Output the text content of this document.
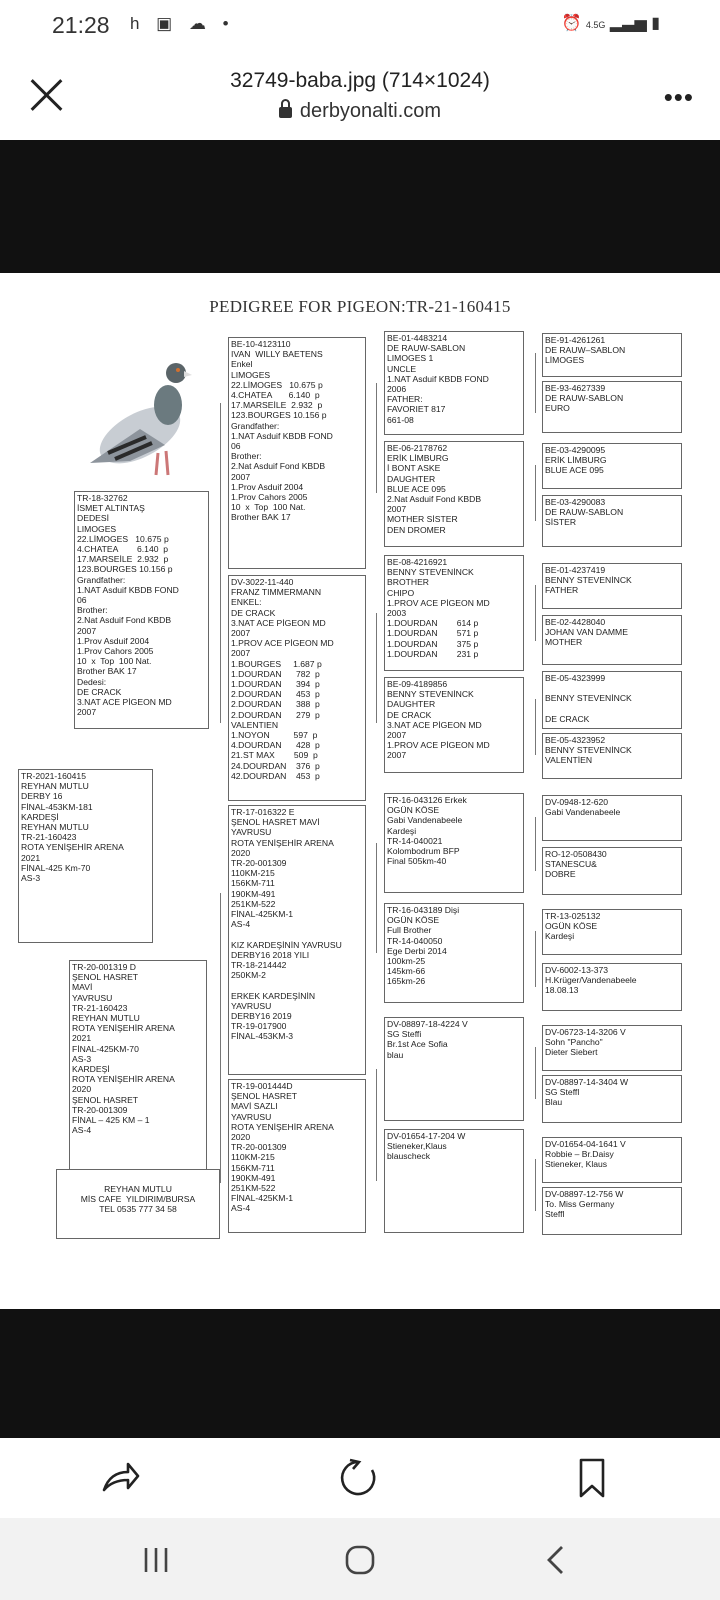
21:28 h ▣ ☁ •	⏰ 4.5G ▂▃▅ ▮
32749-baba.jpg (714×1024)
derbyonalti.com	•••
PEDIGREE FOR PIGEON:TR-21-160415
TR-2021-160415
REYHAN MUTLU
DERBY 16
FİNAL-453KM-181
KARDEŞİ
REYHAN MUTLU
TR-21-160423
ROTA YENİŞEHİR ARENA
2021
FİNAL-425 Km-70
AS-3
TR-18-32762
İSMET ALTINTAŞ
DEDESİ
LIMOGES
22.LİMOGES   10.675 p
4.CHATEA        6.140  p
17.MARSEİLE  2.932  p
123.BOURGES 10.156 p
Grandfather:
1.NAT Asduif KBDB FOND
06
Brother:
2.Nat Asduif Fond KBDB
2007
1.Prov Asduif 2004
1.Prov Cahors 2005
10  x  Top  100 Nat.
Brother BAK 17
Dedesi:
DE CRACK
3.NAT ACE PİGEON MD
2007
TR-20-001319 D
ŞENOL HASRET
MAVİ
YAVRUSU
TR-21-160423
REYHAN MUTLU
ROTA YENİŞEHİR ARENA
2021
FİNAL-425KM-70
AS-3
KARDEŞİ
ROTA YENİŞEHİR ARENA
2020
ŞENOL HASRET
TR-20-001309
FİNAL – 425 KM – 1
AS-4
REYHAN MUTLU
MİS CAFE  YILDIRIM/BURSA
TEL 0535 777 34 58
BE-10-4123110
IVAN  WILLY BAETENS
Enkel
LIMOGES
22.LİMOGES   10.675 p
4.CHATEA       6.140  p
17.MARSEİLE  2.932  p
123.BOURGES 10.156 p
Grandfather:
1.NAT Asduif KBDB FOND
06
Brother:
2.Nat Asduif Fond KBDB
2007
1.Prov Asduif 2004
1.Prov Cahors 2005
10  x  Top  100 Nat.
Brother BAK 17
DV-3022-11-440
FRANZ TIMMERMANN
ENKEL:
DE CRACK
3.NAT ACE PİGEON MD
2007
1.PROV ACE PİGEON MD
2007
1.BOURGES     1.687 p
1.DOURDAN      782  p
1.DOURDAN      394  p
2.DOURDAN      453  p
2.DOURDAN      388  p
2.DOURDAN      279  p
VALENTIEN
1.NOYON          597  p
4.DOURDAN      428  p
21.ST MAX        509  p
24.DOURDAN    376  p
42.DOURDAN    453  p
TR-17-016322 E
ŞENOL HASRET MAVİ
YAVRUSU
ROTA YENİŞEHİR ARENA
2020
TR-20-001309
110KM-215
156KM-711
190KM-491
251KM-522
FİNAL-425KM-1
AS-4

KIZ KARDEŞİNİN YAVRUSU
DERBY16 2018 YILI
TR-18-214442
250KM-2

ERKEK KARDEŞİNİN
YAVRUSU
DERBY16 2019
TR-19-017900
FİNAL-453KM-3
TR-19-001444D
ŞENOL HASRET
MAVİ SAZLI
YAVRUSU
ROTA YENİŞEHİR ARENA
2020
TR-20-001309
110KM-215
156KM-711
190KM-491
251KM-522
FİNAL-425KM-1
AS-4
BE-01-4483214
DE RAUW-SABLON
LIMOGES 1
UNCLE
1.NAT Asduif KBDB FOND
2006
FATHER:
FAVORIET 817
661-08
BE-06-2178762
ERİK LİMBURG
İ BONT ASKE
DAUGHTER
BLUE ACE 095
2.Nat Asduif Fond KBDB
2007
MOTHER SİSTER
DEN DROMER
BE-08-4216921
BENNY STEVENİNCK
BROTHER
CHIPO
1.PROV ACE PİGEON MD
2003
1.DOURDAN        614 p
1.DOURDAN        571 p
1.DOURDAN        375 p
1.DOURDAN        231 p
BE-09-4189856
BENNY STEVENİNCK
DAUGHTER
DE CRACK
3.NAT ACE PİGEON MD
2007
1.PROV ACE PİGEON MD
2007
TR-16-043126 Erkek
OGÜN KÖSE
Gabi Vandenabeele
Kardeşi
TR-14-040021
Kolombodrum BFP
Final 505km-40
TR-16-043189 Dişi
OGÜN KÖSE
Full Brother
TR-14-040050
Ege Derbi 2014
100km-25
145km-66
165km-26
DV-08897-18-4224 V
SG Steffi
Br.1st Ace Sofia
blau
DV-01654-17-204 W
Stieneker,Klaus
blauscheck
BE-91-4261261
DE RAUW–SABLON
LİMOGES
BE-93-4627339
DE RAUW-SABLON
EURO
BE-03-4290095
ERİK LİMBURG
BLUE ACE 095
BE-03-4290083
DE RAUW-SABLON
SİSTER
BE-01-4237419
BENNY STEVENİNCK
FATHER
BE-02-4428040
JOHAN VAN DAMME
MOTHER
BE-05-4323999

BENNY STEVENİNCK

DE CRACK
BE-05-4323952
BENNY STEVENİNCK
VALENTİEN
DV-0948-12-620
Gabi Vandenabeele
RO-12-0508430
STANESCU&
DOBRE
TR-13-025132
OGÜN KÖSE
Kardeşi
DV-6002-13-373
H.Krüger/Vandenabeele
18.08.13
DV-06723-14-3206 V
Sohn "Pancho"
Dieter Siebert
DV-08897-14-3404 W
SG Steffl
Blau
DV-01654-04-1641 V
Robbie – Br.Daisy
Stieneker, Klaus
DV-08897-12-756 W
To. Miss Germany
Steffl
